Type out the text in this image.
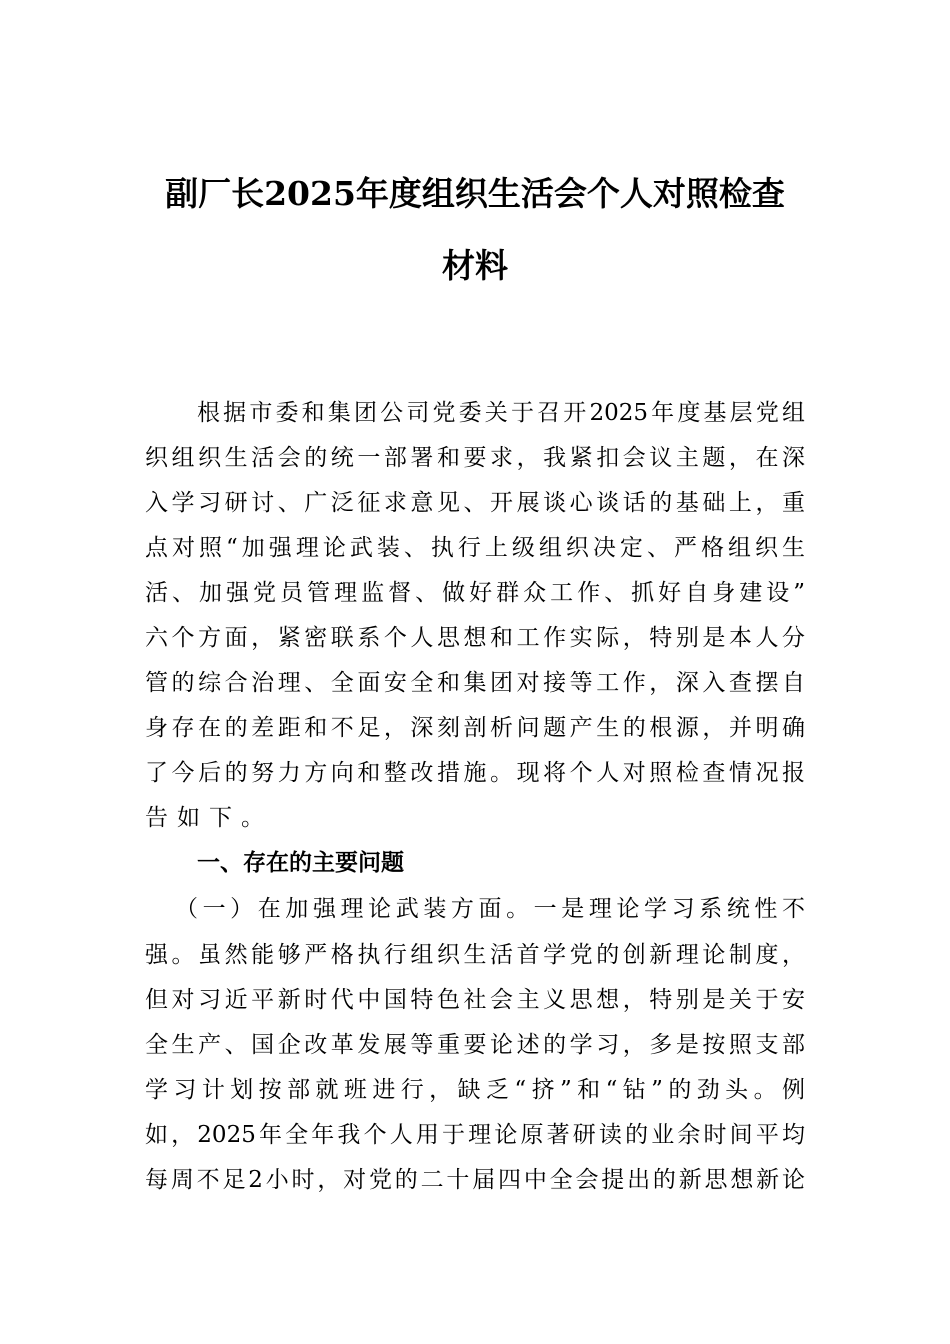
副厂长2025年度组织生活会个人对照检查
材料
根据市委和集团公司党委关于召开2025年度基层党组
织组织生活会的统一部署和要求，我紧扣会议主题，在深
入学习研讨、广泛征求意见、开展谈心谈话的基础上，重
点对照“加强理论武装、执行上级组织决定、严格组织生
活、加强党员管理监督、做好群众工作、抓好自身建设”
六个方面，紧密联系个人思想和工作实际，特别是本人分
管的综合治理、全面安全和集团对接等工作，深入查摆自
身存在的差距和不足，深刻剖析问题产生的根源，并明确
了今后的努力方向和整改措施。现将个人对照检查情况报
告如下。
一、存在的主要问题
（一）在加强理论武装方面。一是理论学习系统性不
强。虽然能够严格执行组织生活首学党的创新理论制度，
但对习近平新时代中国特色社会主义思想，特别是关于安
全生产、国企改革发展等重要论述的学习，多是按照支部
学习计划按部就班进行，缺乏“挤”和“钻”的劲头。例
如，2025年全年我个人用于理论原著研读的业余时间平均
每周不足2小时，对党的二十届四中全会提出的新思想新论
